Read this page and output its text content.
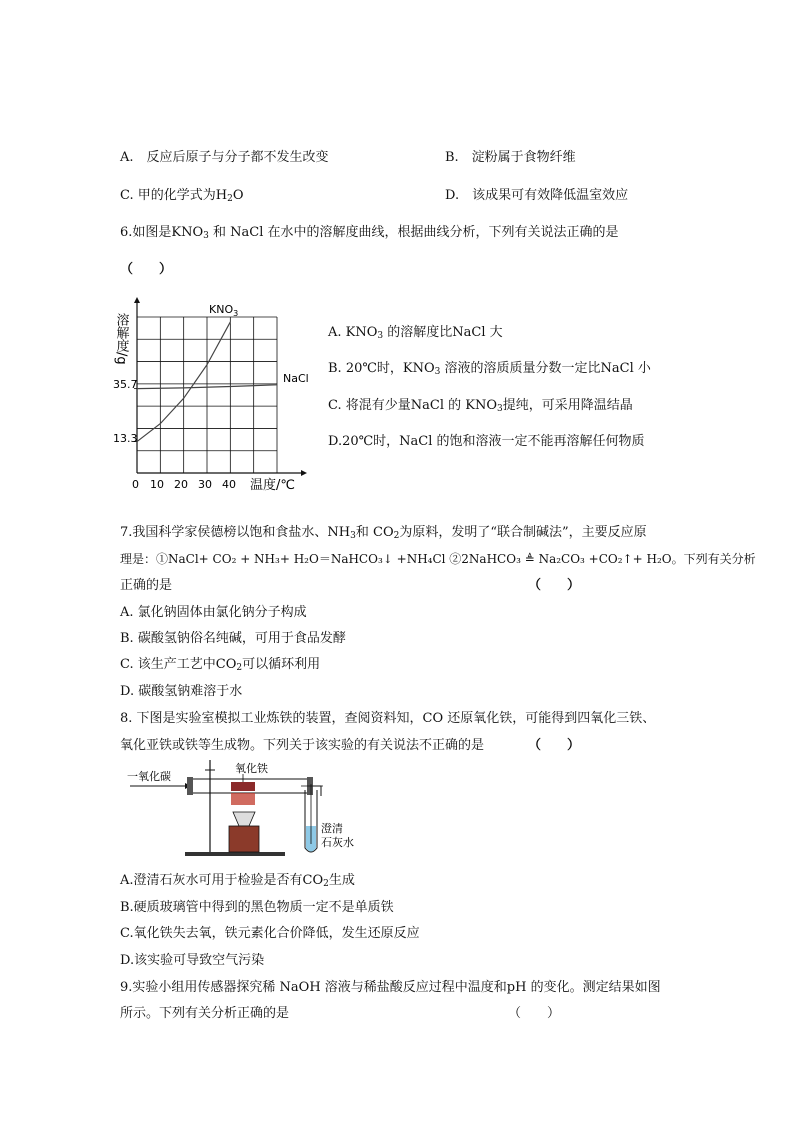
A.　反应后原子与分子都不发生改变	B.　淀粉属于食物纤维
C. 甲的化学式为$H_2O$	D.　该成果可有效降低温室效应
6.如图是$KNO_3$ 和 NaCl 在水中的溶解度曲线，根据曲线分析，下列有关说法正确的是
（　　）
溶解度/g
13.3
35.7
0 10 20 30 40 温度/℃
$KNO_3$
NaCl
A. $KNO_3$ 的溶解度比NaCl 大
B. 20℃时，$KNO_3$ 溶液的溶质质量分数一定比NaCl 小
C. 将混有少量NaCl 的 $KNO_3$提纯，可采用降温结晶
D.20℃时，NaCl 的饱和溶液一定不能再溶解任何物质
7.我国科学家侯德榜以饱和食盐水、$NH_3$和 $CO_2$为原料，发明了“联合制碱法”，主要反应原
理是：①NaCl+ CO₂ + NH₃+ H₂O＝NaHCO₃↓ +NH₄Cl ②2NaHCO₃ ≜ Na₂CO₃ +CO₂↑+ H₂O。下列有关分析
正确的是	（　　）
A. 氯化钠固体由氯化钠分子构成
B. 碳酸氢钠俗名纯碱，可用于食品发酵
C. 该生产工艺中$CO_2$可以循环利用
D. 碳酸氢钠难溶于水
8. 下图是实验室模拟工业炼铁的装置，查阅资料知，CO 还原氧化铁，可能得到四氧化三铁、
氧化亚铁或铁等生成物。下列关于该实验的有关说法不正确的是	（　　）
一氧化碳
氧化铁
澄清
石灰水
A.澄清石灰水可用于检验是否有$CO_2$生成
B.硬质玻璃管中得到的黑色物质一定不是单质铁
C.氧化铁失去氧，铁元素化合价降低，发生还原反应
D.该实验可导致空气污染
9.实验小组用传感器探究稀 NaOH 溶液与稀盐酸反应过程中温度和pH 的变化。测定结果如图
所示。下列有关分析正确的是	（　　）
